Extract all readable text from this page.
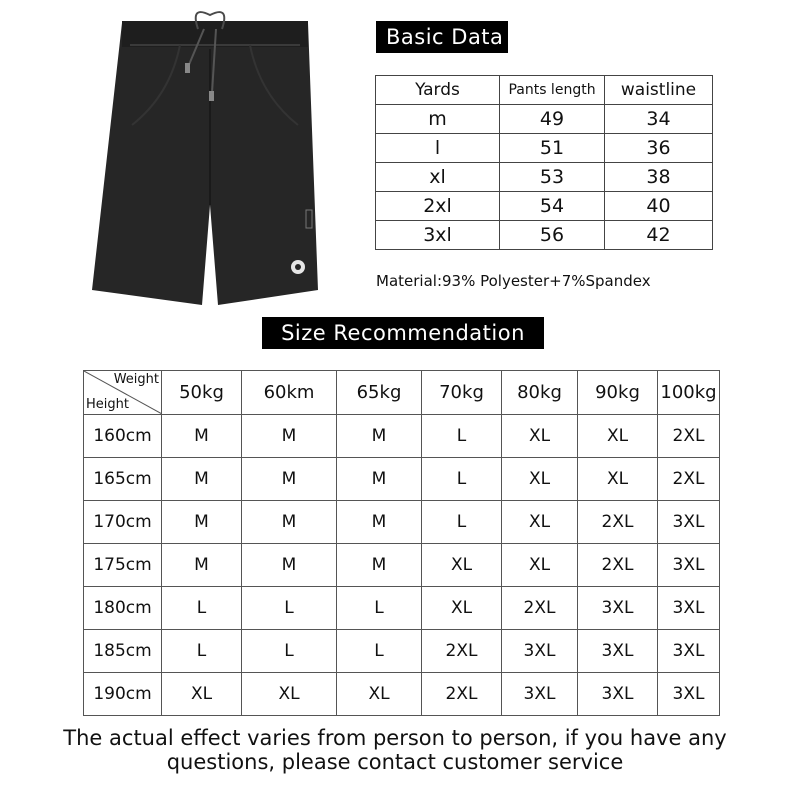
Basic Data
Yards	Pants length	waistline
m	49	34
l	51	36
xl	53	38
2xl	54	40
3xl	56	42
Material:93% Polyester+7%Spandex
Size Recommendation
Weight
Height	50kg	60km	65kg	70kg	80kg	90kg	100kg
160cm	M	M	M	L	XL	XL	2XL
165cm	M	M	M	L	XL	XL	2XL
170cm	M	M	M	L	XL	2XL	3XL
175cm	M	M	M	XL	XL	2XL	3XL
180cm	L	L	L	XL	2XL	3XL	3XL
185cm	L	L	L	2XL	3XL	3XL	3XL
190cm	XL	XL	XL	2XL	3XL	3XL	3XL
The actual effect varies from person to person, if you have any
questions, please contact customer service
